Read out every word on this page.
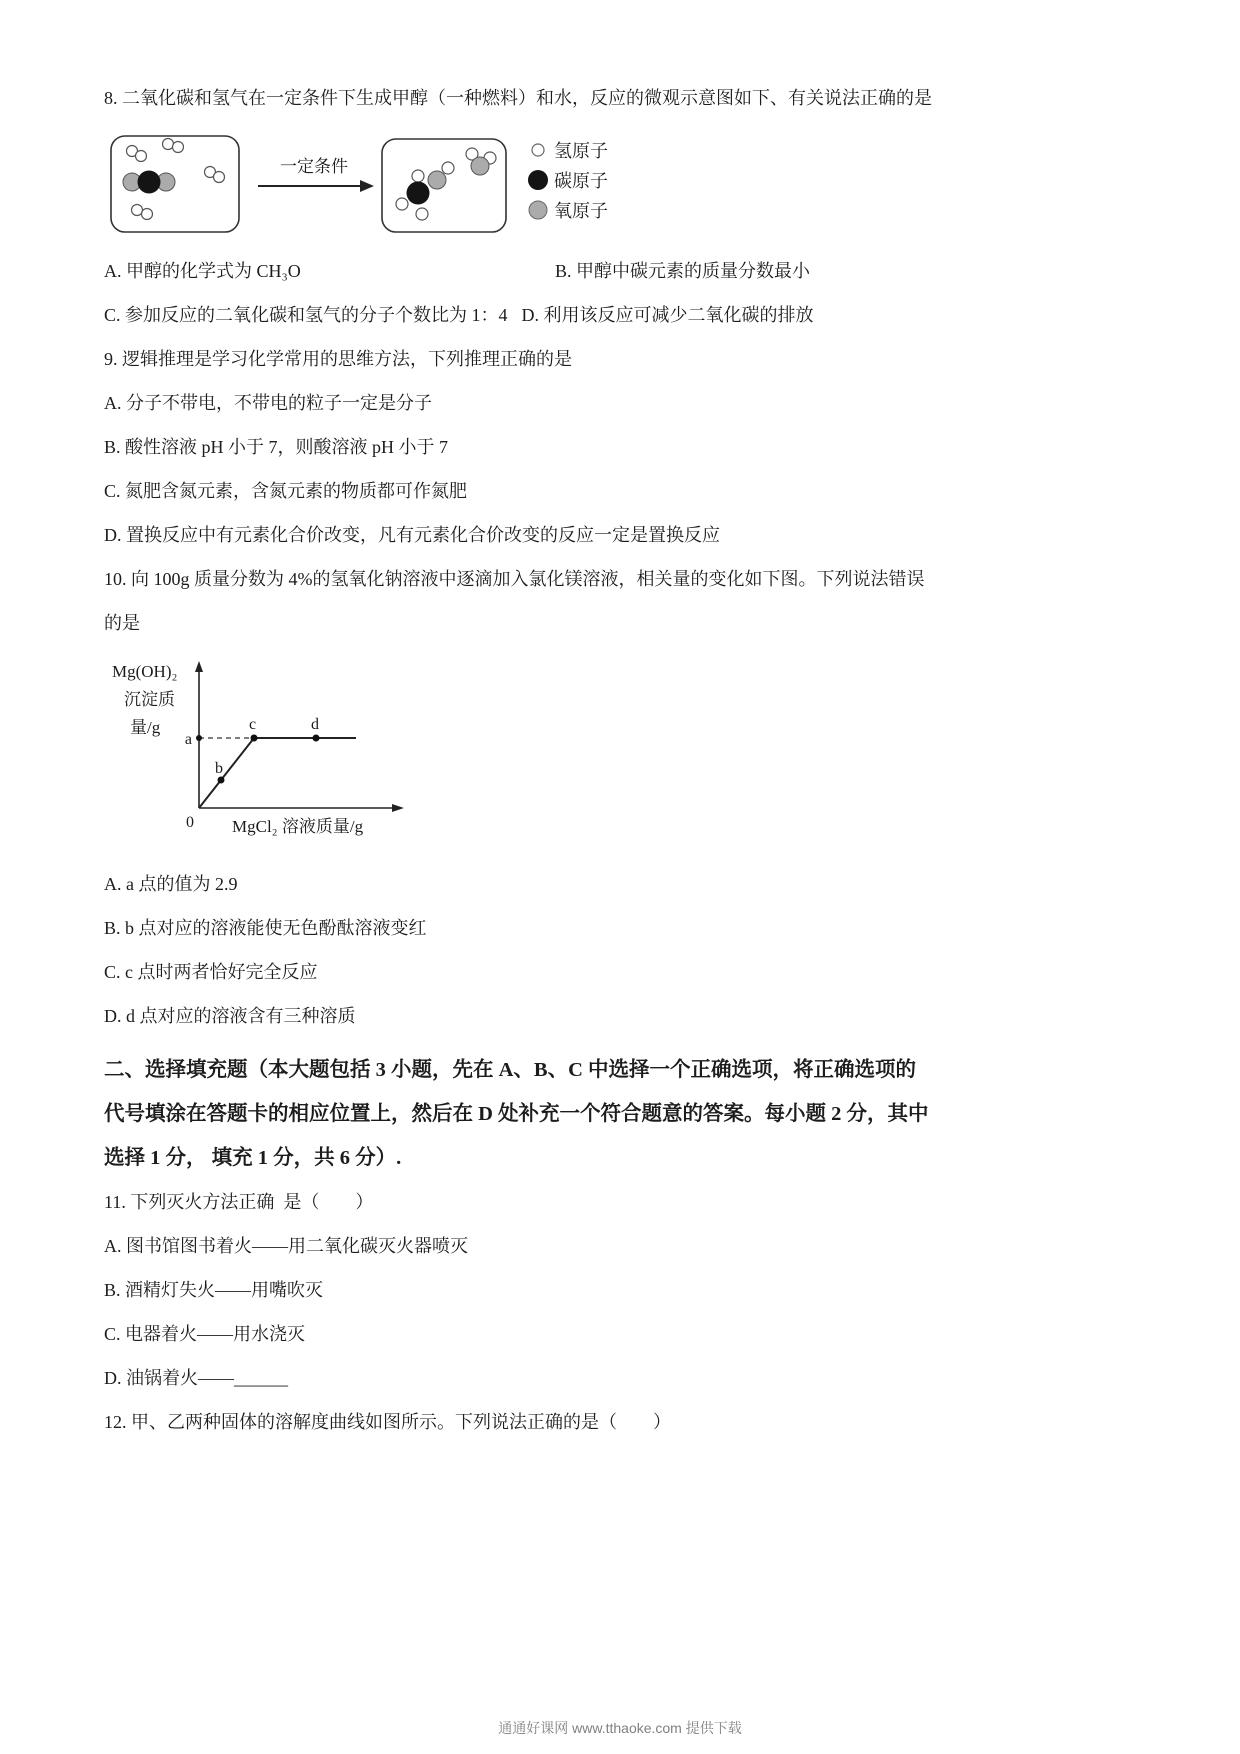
8. 二氧化碳和氢气在一定条件下生成甲醇（一种燃料）和水，反应的微观示意图如下、有关说法正确的是

一定条件
氢原子
碳原子
氧原子
A. 甲醇的化学式为 CH₃O	B. 甲醇中碳元素的质量分数最小
C. 参加反应的二氧化碳和氢气的分子个数比为 1：4 D. 利用该反应可减少二氧化碳的排放

9. 逻辑推理是学习化学常用的思维方法，下列推理正确的是

A. 分子不带电，不带电的粒子一定是分子

B. 酸性溶液 pH 小于 7，则酸溶液 pH 小于 7

C. 氮肥含氮元素，含氮元素的物质都可作氮肥

D. 置换反应中有元素化合价改变，凡有元素化合价改变的反应一定是置换反应

10. 向 100g 质量分数为 4%的氢氧化钠溶液中逐滴加入氯化镁溶液，相关量的变化如下图。下列说法错误

的是

a
b
c	d
Mg(OH)₂
沉淀质
量/g
0 MgCl₂ 溶液质量/g

A. a 点的值为 2.9

B. b 点对应的溶液能使无色酚酞溶液变红

C. c 点时两者恰好完全反应

D. d 点对应的溶液含有三种溶质

二、选择填充题（本大题包括 3 小题，先在 A、B、C 中选择一个正确选项，将正确选项的
代号填涂在答题卡的相应位置上，然后在 D 处补充一个符合题意的答案。每小题 2 分，其中
选择 1 分， 填充 1 分，共 6 分）.

11. 下列灭火方法正确  是（        ）

A. 图书馆图书着火——用二氧化碳灭火器喷灭

B. 酒精灯失火——用嘴吹灭

C. 电器着火——用水浇灭

D. 油锅着火——______

12. 甲、乙两种固体的溶解度曲线如图所示。下列说法正确的是（        ）

通通好课网 www.tthaoke.com 提供下载
